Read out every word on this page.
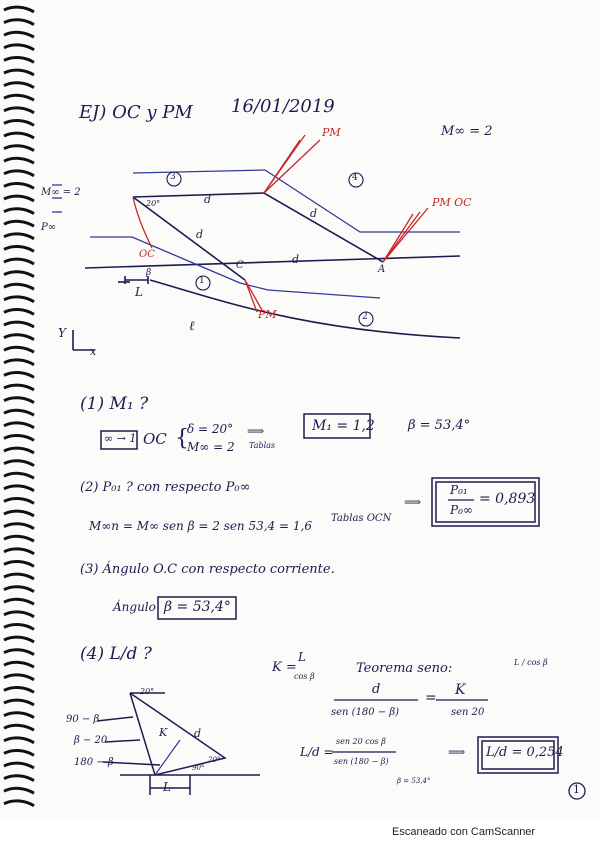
EJ) OC y PM 16/01/2019
M∞ = 2
PM
PM OC
OC
PM
3	4
1
2
C	A
20°	d
d
d
d
β
L
ℓ
M∞ = 2
P∞
Y
x
(1) M₁ ?
∞ → 1 OC {
δ = 20°
M∞ = 2
⟹
Tablas
M₁ = 1,2	β = 53,4°
(2) P₀₁ ? con respecto P₀∞
M∞n = M∞ sen β = 2 sen 53,4 = 1,6
Tablas OCN
⟹
P₀₁
P₀∞
= 0,893
(3) Ángulo O.C con respecto corriente.
Ángulo β = 53,4°
(4) L/d ?
K =
L
cos β
Teorema seno:	L / cos β
d
sen (180 − β)
= K
sen 20
L/d =
sen 20 cos β
sen (180 − β)
⟹ L/d = 0,254
β = 53,4°
90 − β
β − 20
180 − β
K d
L
20°
90°
20°
1
Escaneado con CamScanner
